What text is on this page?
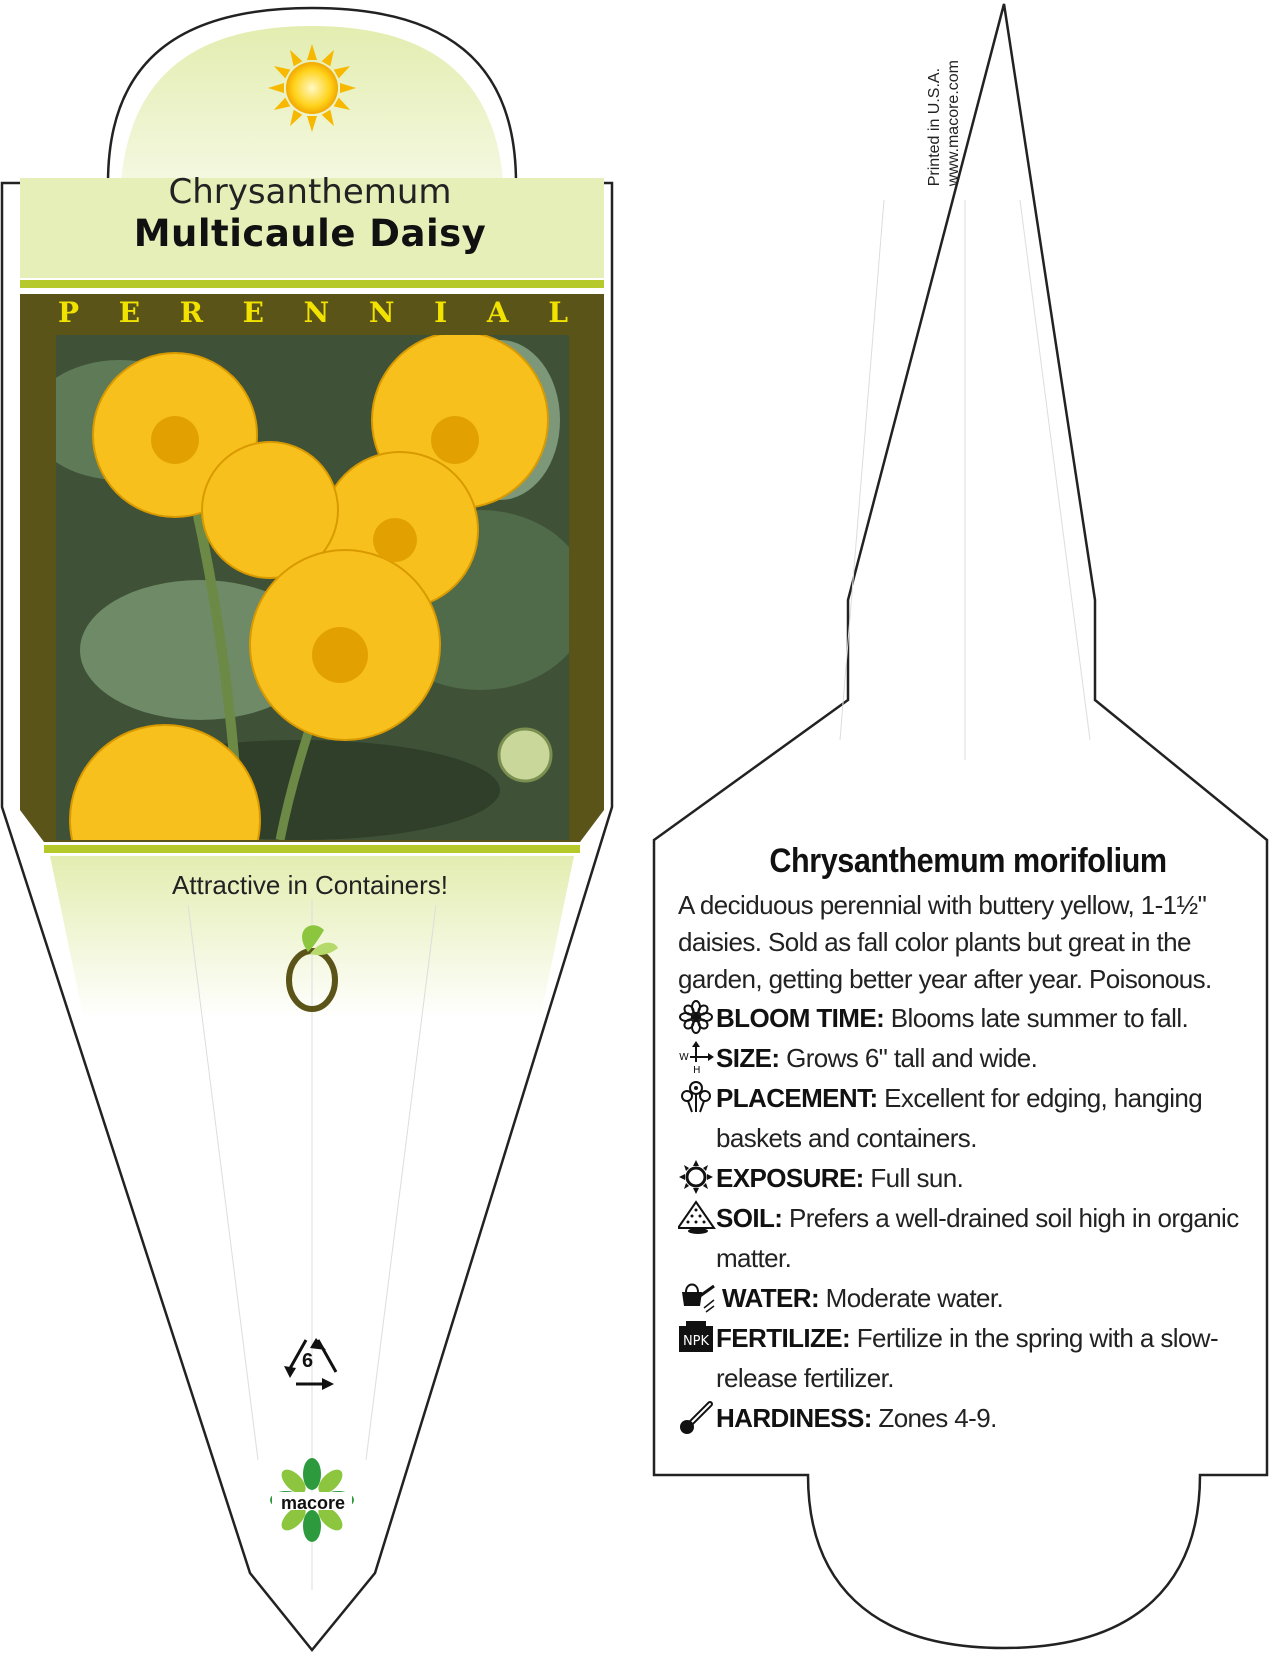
Chrysanthemum
Multicaule Daisy
P E R E N N I A L
Attractive in Containers!
6
macore
Printed in U.S.A. www.macore.com
Chrysanthemum morifolium

A deciduous perennial with buttery yellow, 1-1½" daisies. Sold as fall color plants but great in the garden, getting better year after year. Poisonous.

BLOOM TIME: Blooms late summer to fall.
W
H SIZE: Grows 6" tall and wide.
PLACEMENT: Excellent for edging, hanging baskets and containers.
EXPOSURE: Full sun.
SOIL: Prefers a well-drained soil high in organic matter.
WATER: Moderate water.
NPK FERTILIZE: Fertilize in the spring with a slow-release fertilizer.
HARDINESS: Zones 4-9.
